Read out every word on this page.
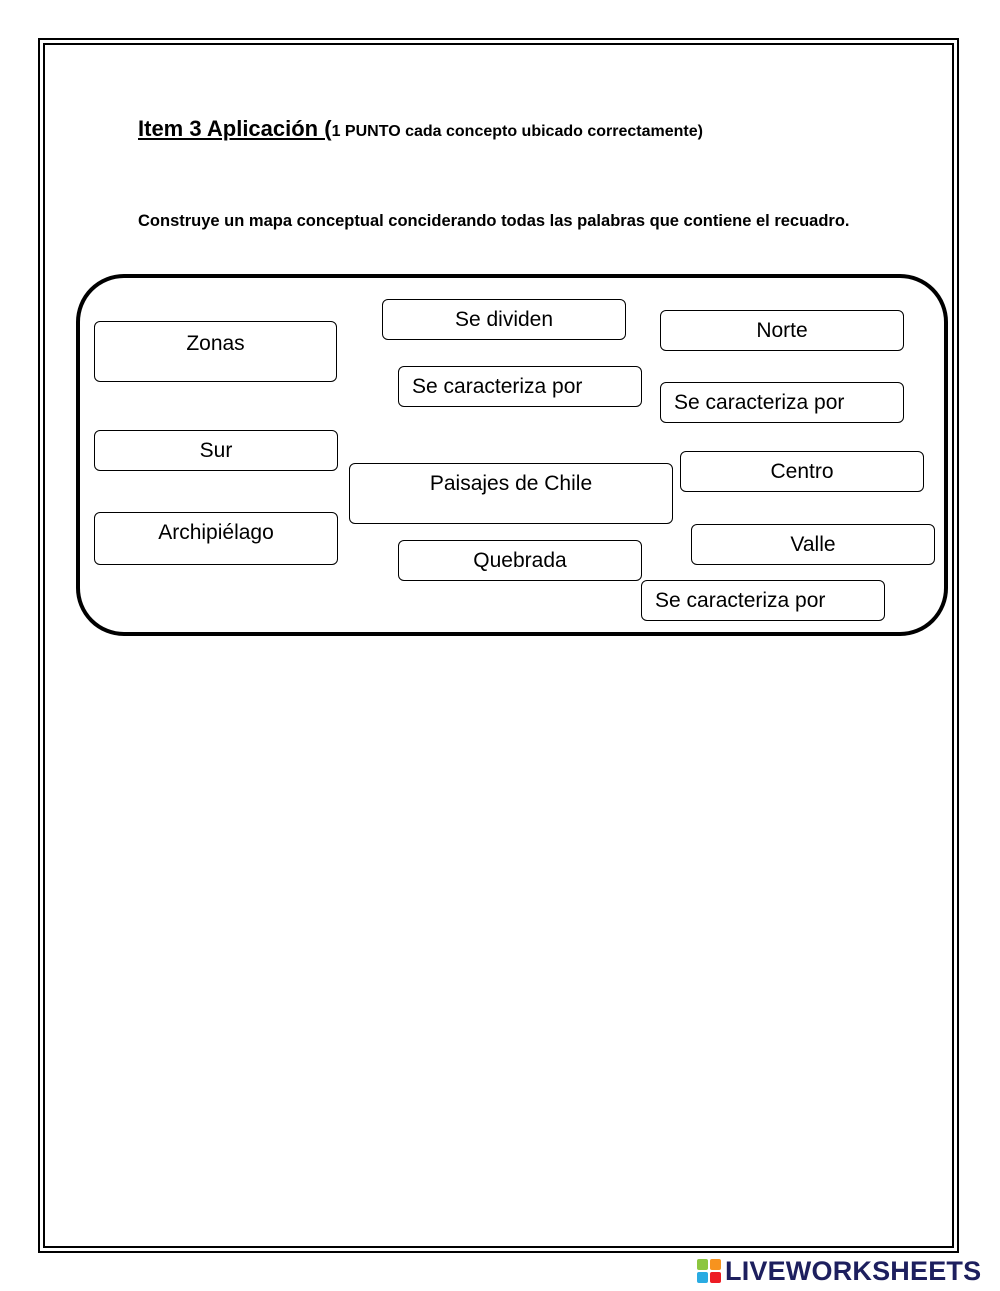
Item 3 Aplicación (1 PUNTO cada concepto ubicado correctamente)
Construye un mapa conceptual conciderando todas las palabras que contiene el recuadro.
Zonas
Se dividen	Norte
Se caracteriza por
Se caracteriza por
Sur
Paisajes de Chile
Centro
Archipiélago
Quebrada
Valle
Se caracteriza por
LIVEWORKSHEETS
